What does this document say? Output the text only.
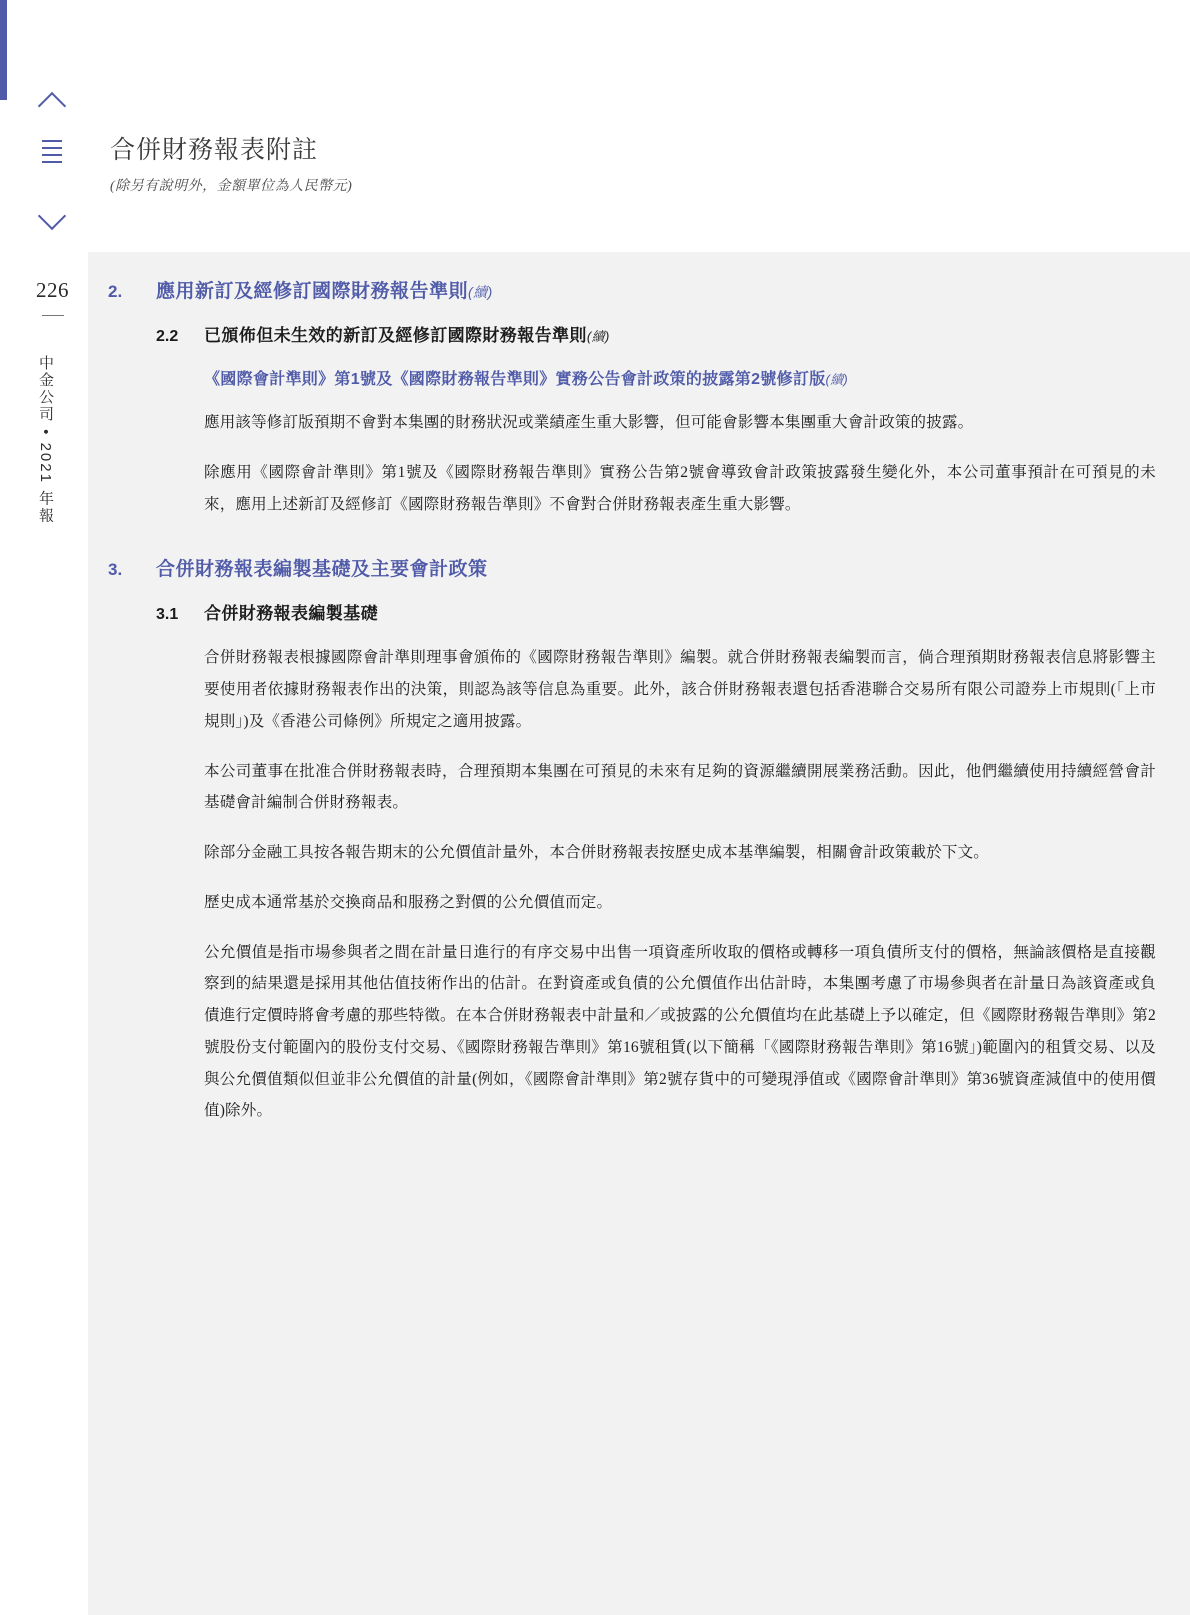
226
中金公司 • 2021 年報
合併財務報表附註
(除另有說明外，金額單位為人民幣元)
2.	應用新訂及經修訂國際財務報告準則(續)
2.2	已頒佈但未生效的新訂及經修訂國際財務報告準則(續)
《國際會計準則》第1號及《國際財務報告準則》實務公告會計政策的披露第2號修訂版(續)
應用該等修訂版預期不會對本集團的財務狀況或業績產生重大影響，但可能會影響本集團重大會計政策的披露。
除應用《國際會計準則》第1號及《國際財務報告準則》實務公告第2號會導致會計政策披露發生變化外，本公司董事預計在可預見的未來，應用上述新訂及經修訂《國際財務報告準則》不會對合併財務報表產生重大影響。
3.	合併財務報表編製基礎及主要會計政策
3.1	合併財務報表編製基礎
合併財務報表根據國際會計準則理事會頒佈的《國際財務報告準則》編製。就合併財務報表編製而言，倘合理預期財務報表信息將影響主要使用者依據財務報表作出的決策，則認為該等信息為重要。此外，該合併財務報表還包括香港聯合交易所有限公司證券上市規則(「上市規則」)及《香港公司條例》所規定之適用披露。
本公司董事在批准合併財務報表時，合理預期本集團在可預見的未來有足夠的資源繼續開展業務活動。因此，他們繼續使用持續經營會計基礎會計編制合併財務報表。
除部分金融工具按各報告期末的公允價值計量外，本合併財務報表按歷史成本基準編製，相關會計政策載於下文。
歷史成本通常基於交換商品和服務之對價的公允價值而定。
公允價值是指市場參與者之間在計量日進行的有序交易中出售一項資產所收取的價格或轉移一項負債所支付的價格，無論該價格是直接觀察到的結果還是採用其他估值技術作出的估計。在對資產或負債的公允價值作出估計時，本集團考慮了市場參與者在計量日為該資產或負債進行定價時將會考慮的那些特徵。在本合併財務報表中計量和／或披露的公允價值均在此基礎上予以確定，但《國際財務報告準則》第2號股份支付範圍內的股份支付交易、《國際財務報告準則》第16號租賃(以下簡稱「《國際財務報告準則》第16號」)範圍內的租賃交易、以及與公允價值類似但並非公允價值的計量(例如，《國際會計準則》第2號存貨中的可變現淨值或《國際會計準則》第36號資產減值中的使用價值)除外。
